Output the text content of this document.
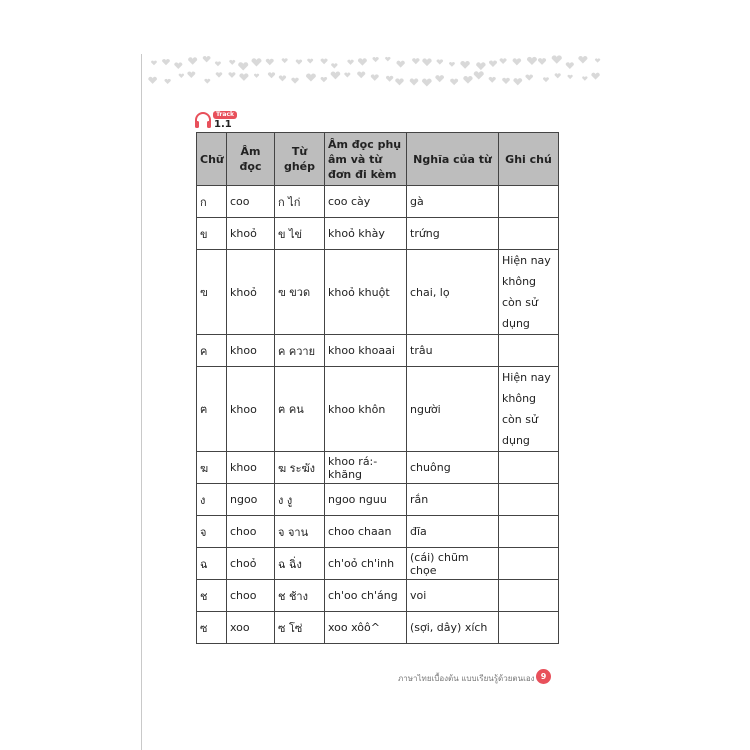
Track
1.1
Chữ	Âm đọc	Từ ghép	Âm đọc phụ âm và từ đơn đi kèm	Nghĩa của từ	Ghi chú
ก	coo	ก ไก่	coo cày	gà	
ข	khoỏ	ข ไข่	khoỏ khày	trứng	
ฃ	khoỏ	ฃ ขวด	khoỏ khuột	chai, lọ	Hiện nay không còn sử dụng
ค	khoo	ค ควาย	khoo khoaai	trâu	
ฅ	khoo	ฅ คน	khoo khôn	người	Hiện nay không còn sử dụng
ฆ	khoo	ฆ ระฆัง	khoo rá:-khăng	chuông	
ง	ngoo	ง งู	ngoo nguu	rắn	
จ	choo	จ จาน	choo chaan	đĩa	
ฉ	choỏ	ฉ ฉิ่ง	ch'oỏ ch'inh	(cái) chũm chọe	
ช	choo	ช ช้าง	ch'oo ch'áng	voi	
ซ	xoo	ซ โซ่	xoo xôô^	(sợi, dây) xích	
ภาษาไทยเบื้องต้น แบบเรียนรู้ด้วยตนเอง 9
